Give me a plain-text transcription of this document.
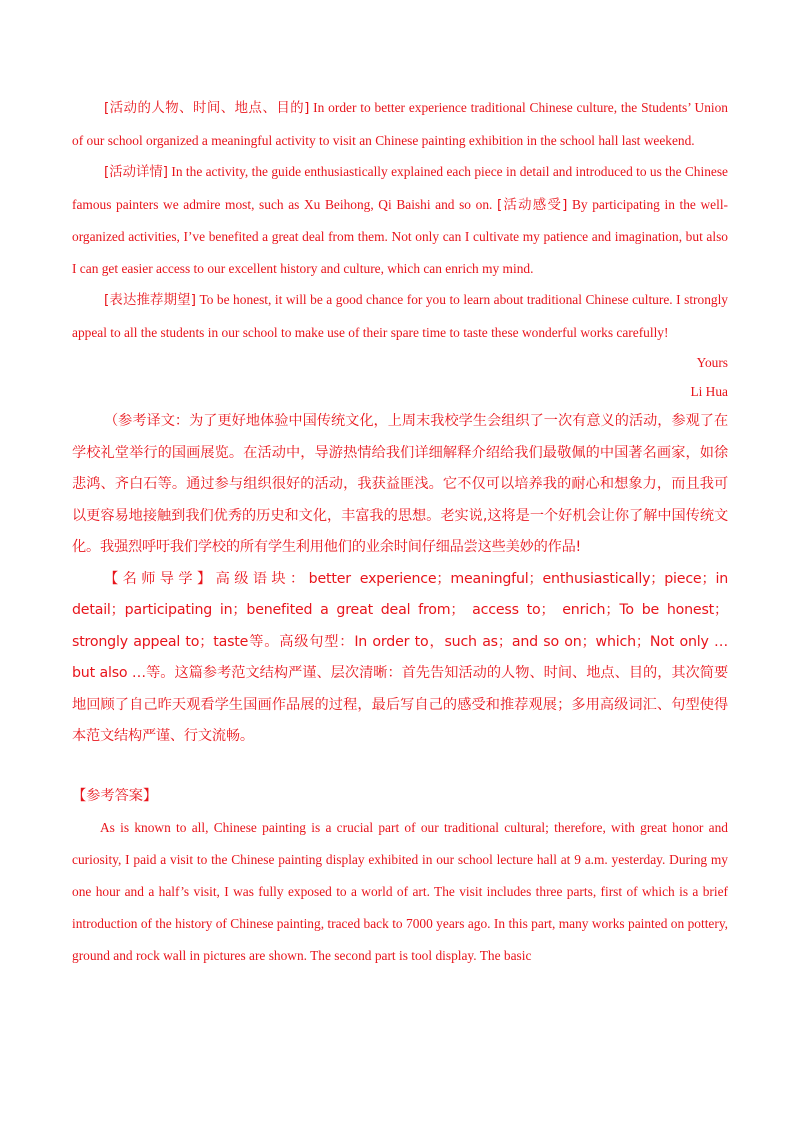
[活动的人物、时间、地点、目的] In order to better experience traditional Chinese culture, the Students’ Union of our school organized a meaningful activity to visit an Chinese painting exhibition in the school hall last weekend.

[活动详情] In the activity, the guide enthusiastically explained each piece in detail and introduced to us the Chinese famous painters we admire most, such as Xu Beihong, Qi Baishi and so on. [活动感受] By participating in the well-organized activities, I’ve benefited a great deal from them. Not only can I cultivate my patience and imagination, but also I can get easier access to our excellent history and culture, which can enrich my mind.

[表达推荐期望] To be honest, it will be a good chance for you to learn about traditional Chinese culture. I strongly appeal to all the students in our school to make use of their spare time to taste these wonderful works carefully!

Yours

Li Hua

（参考译文：为了更好地体验中国传统文化，上周末我校学生会组织了一次有意义的活动，参观了在学校礼堂举行的国画展览。在活动中，导游热情给我们详细解释介绍给我们最敬佩的中国著名画家，如徐悲鸿、齐白石等。通过参与组织很好的活动，我获益匪浅。它不仅可以培养我的耐心和想象力，而且我可以更容易地接触到我们优秀的历史和文化，丰富我的思想。老实说,这将是一个好机会让你了解中国传统文化。我强烈呼吁我们学校的所有学生利用他们的业余时间仔细品尝这些美妙的作品!

【名师导学】高级语块：better experience；meaningful；enthusiastically；piece；in detail；participating in；benefited a great deal from； access to； enrich；To be honest；strongly appeal to；taste等。高级句型：In order to，such as；and so on；which；Not only … but also …等。这篇参考范文结构严谨、层次清晰：首先告知活动的人物、时间、地点、目的，其次简要地回顾了自己昨天观看学生国画作品展的过程，最后写自己的感受和推荐观展；多用高级词汇、句型使得本范文结构严谨、行文流畅。

【参考答案】

As is known to all, Chinese painting is a crucial part of our traditional cultural; therefore, with great honor and curiosity, I paid a visit to the Chinese painting display exhibited in our school lecture hall at 9 a.m. yesterday. During my one hour and a half’s visit, I was fully exposed to a world of art. The visit includes three parts, first of which is a brief introduction of the history of Chinese painting, traced back to 7000 years ago. In this part, many works painted on pottery, ground and rock wall in pictures are shown. The second part is tool display. The basic
